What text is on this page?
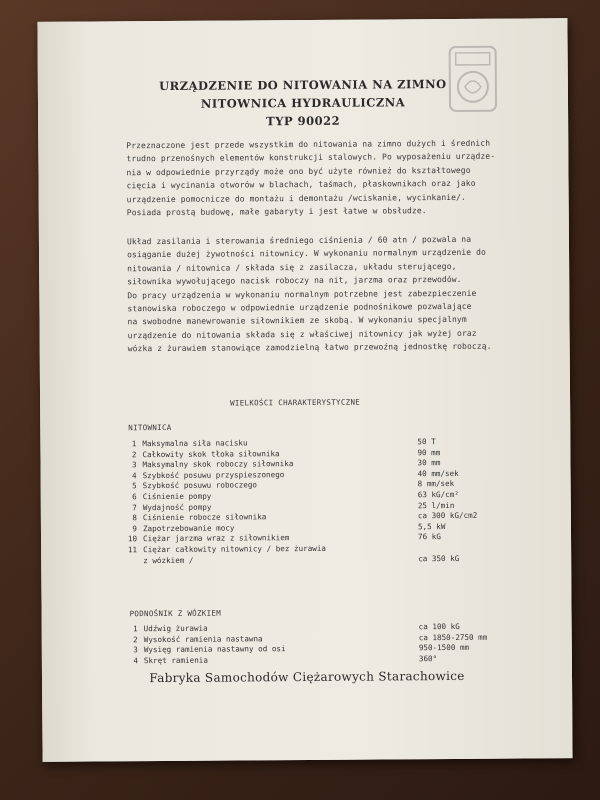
URZĄDZENIE DO NITOWANIA NA ZIMNO
NITOWNICA HYDRAULICZNA
TYP 90022
Przeznaczone jest przede wszystkim do nitowania na zimno dużych i średnich
trudno przenośnych elementów konstrukcji stalowych. Po wyposażeniu urządze-
nia w odpowiednie przyrządy może ono być użyte również do kształtowego
cięcia i wycinania otworów w blachach, taśmach, płaskownikach oraz jako
urządzenie pomocnicze do montażu i demontażu /wciskanie, wycinkanie/.
Posiada prostą budowę, małe gabaryty i jest łatwe w obsłudze.
Układ zasilania i sterowania średniego ciśnienia / 60 atn / pozwala na
osiąganie dużej żywotności nitownicy. W wykonaniu normalnym urządzenie do
nitowania / nitownica / składa się z zasilacza, układu sterującego,
siłownika wywołującego nacisk roboczy na nit, jarzma oraz przewodów.
Do pracy urządzenia w wykonaniu normalnym potrzebne jest zabezpieczenie
stanowiska roboczego w odpowiednie urządzenie podnośnikowe pozwalające
na swobodne manewrowanie siłownikiem ze skobą. W wykonaniu specjalnym
urządzenie do nitowania składa się z właściwej nitownicy jak wyżej oraz
wózka z żurawiem stanowiące zamodzielną łatwo przewoźną jednostkę roboczą.
WIELKOŚCI CHARAKTERYSTYCZNE
NITOWNICA
1 Maksymalna siła nacisku	50 T
2 Całkowity skok tłoka siłownika	90 mm
3 Maksymalny skok roboczy siłownika	30 mm
4 Szybkość posuwu przyspieszonego	40 mm/sek
5 Szybkość posuwu roboczego	8 mm/sek
6 Ciśnienie pompy	63 kG/cm²
7 Wydajność pompy	25 l/min
8 Ciśnienie robocze siłownika	ca 300 kG/cm2
9 Zapotrzebowanie mocy	5,5 kW
10 Ciężar jarzma wraz z siłownikiem	76 kG
11 Ciężar całkowity nitownicy / bez żurawia
z wózkiem /	ca 350 kG
PODNOŚNIK Z WÓZKIEM
1 Udźwig żurawia	ca 100 kG
2 Wysokość ramienia nastawna	ca 1850-2750 mm
3 Wysięg ramienia nastawny od osi	950-1500 mm
4 Skręt ramienia	360°
Fabryka Samochodów Ciężarowych Starachowice
